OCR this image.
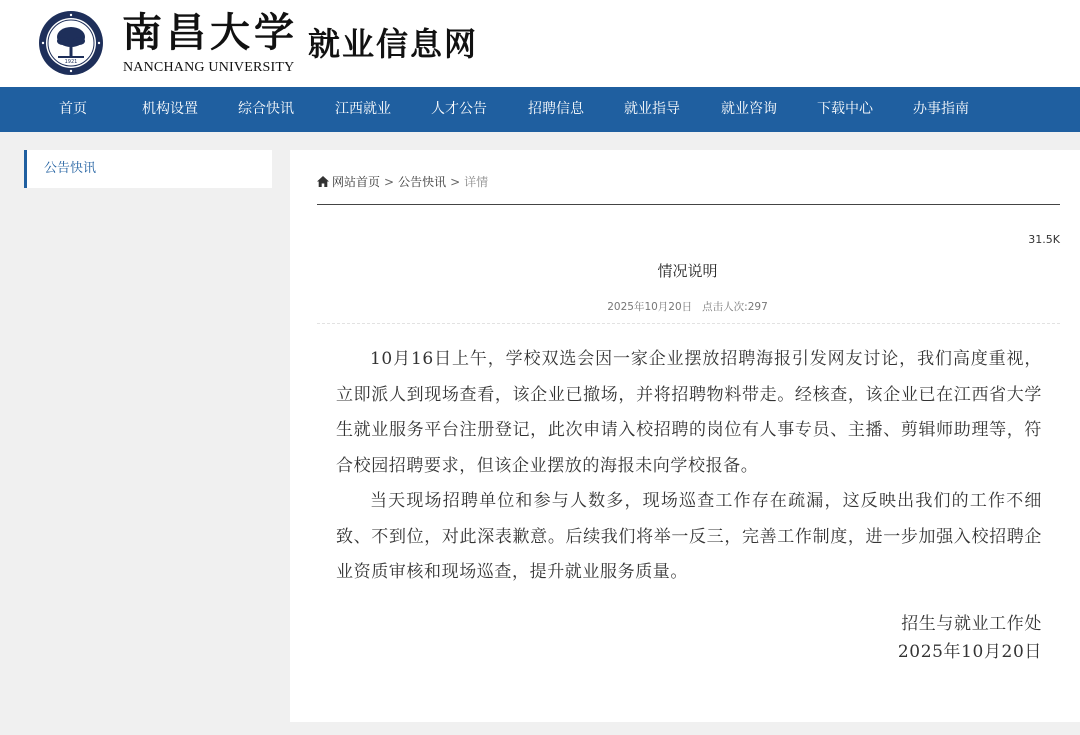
1921
南昌大学
NANCHANG UNIVERSITY
就业信息网
首页	机构设置	综合快讯	江西就业	人才公告	招聘信息	就业指导	就业咨询	下载中心	办事指南
公告快讯
网站首页 > 公告快讯 > 详情
31.5K
情况说明
2025年10月20日 点击人次:297

10月16日上午，学校双选会因一家企业摆放招聘海报引发网友讨论，我们高度重视，立即派人到现场查看，该企业已撤场，并将招聘物料带走。经核查，该企业已在江西省大学生就业服务平台注册登记，此次申请入校招聘的岗位有人事专员、主播、剪辑师助理等，符合校园招聘要求，但该企业摆放的海报未向学校报备。

当天现场招聘单位和参与人数多，现场巡查工作存在疏漏，这反映出我们的工作不细致、不到位，对此深表歉意。后续我们将举一反三，完善工作制度，进一步加强入校招聘企业资质审核和现场巡查，提升就业服务质量。

招生与就业工作处
2025年10月20日
